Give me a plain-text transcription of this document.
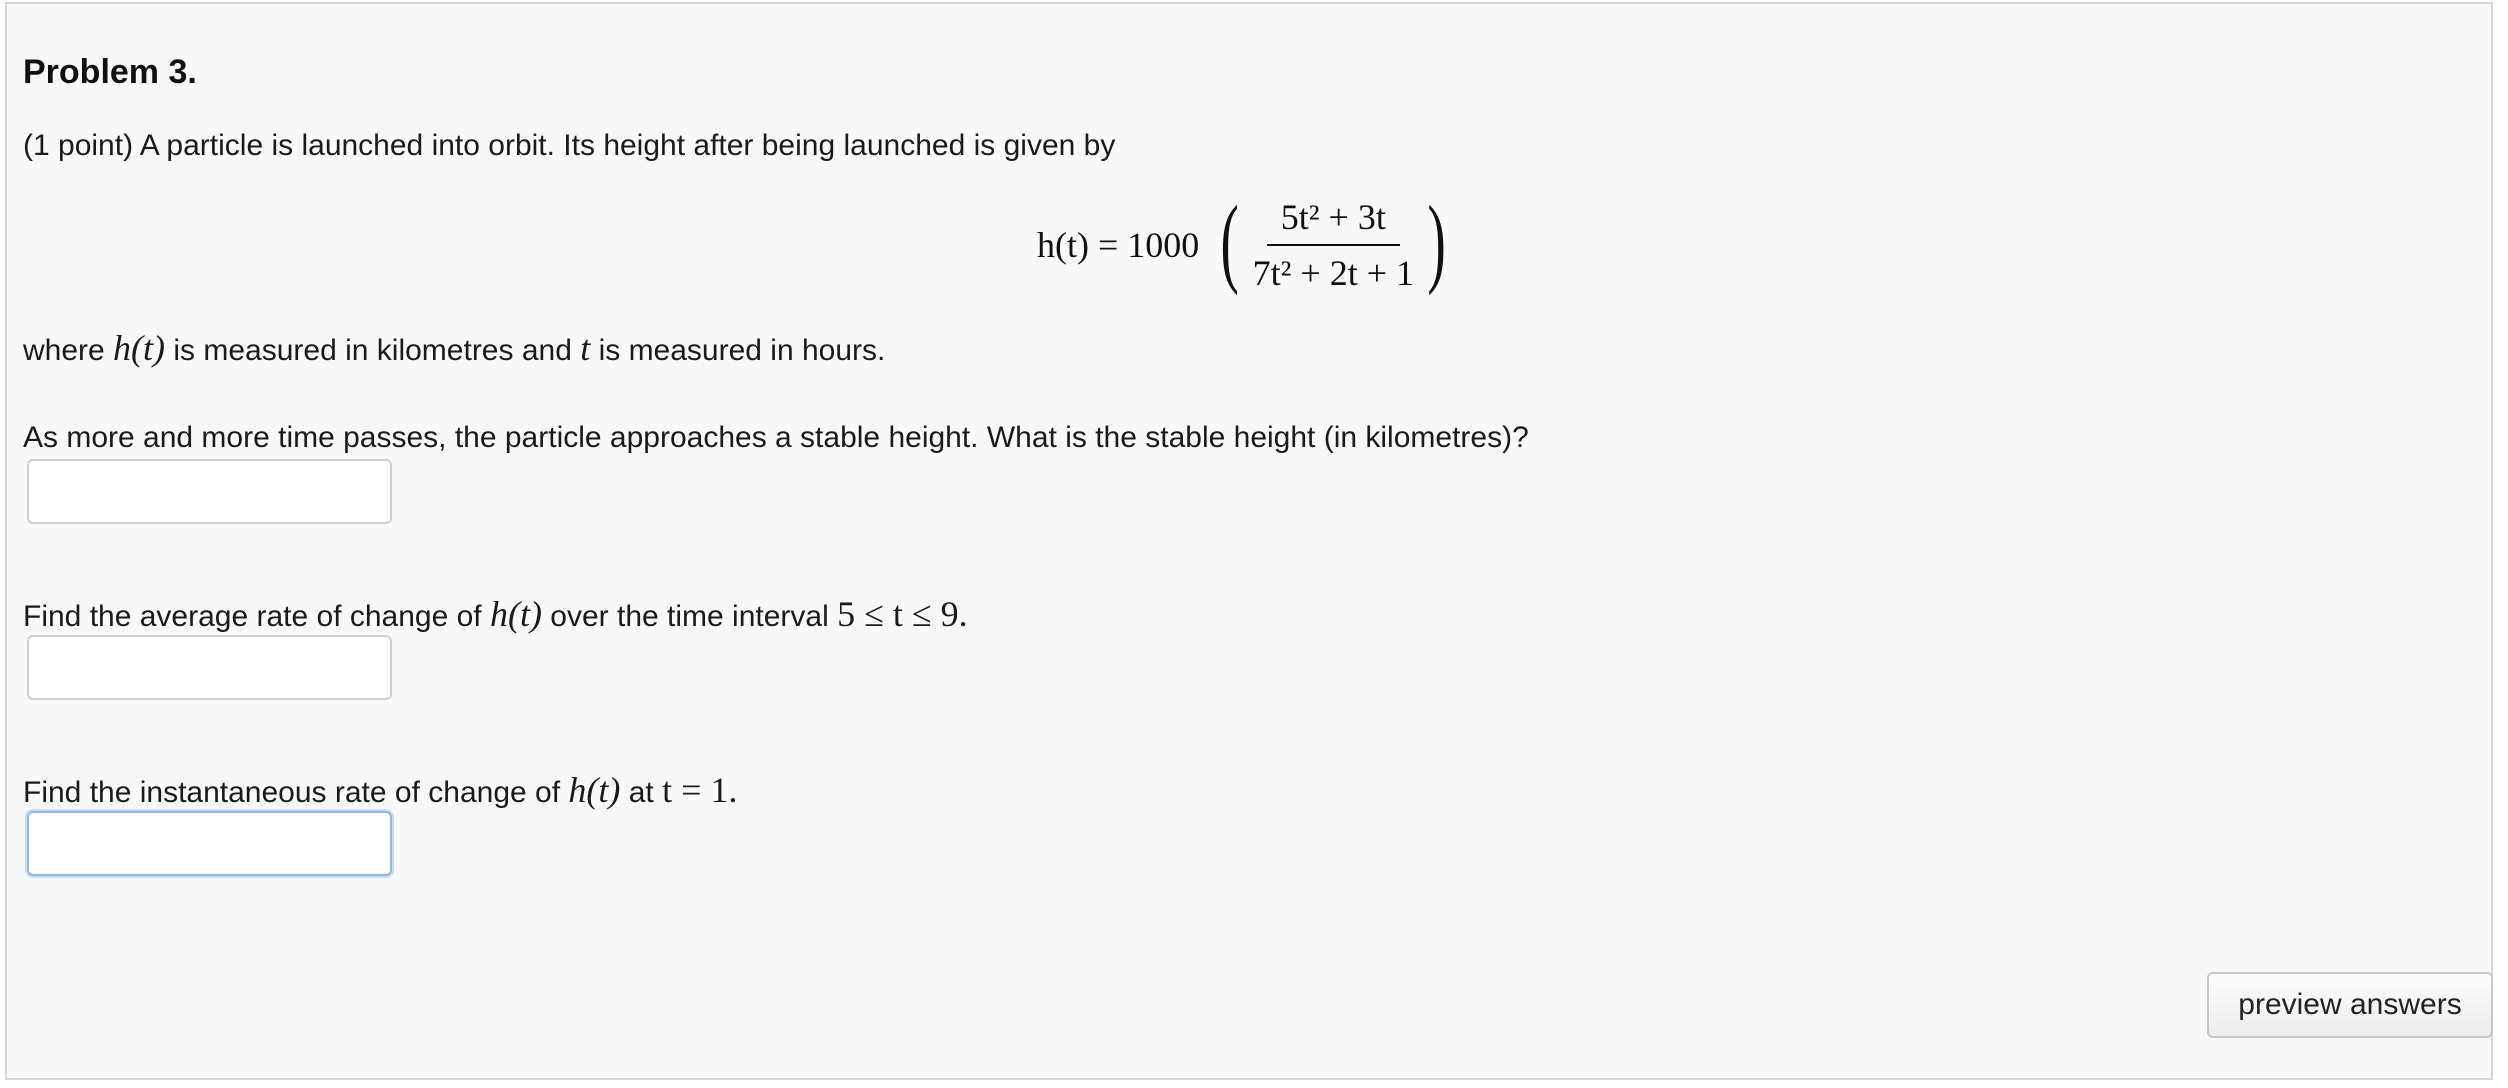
Problem 3.

(1 point) A particle is launched into orbit. Its height after being launched is given by

h(t) = 1000 ( $\frac{\text{5t² + 3t}}{\text{7t² + 2t + 1}}$ )

where h(t) is measured in kilometres and t is measured in hours.

As more and more time passes, the particle approaches a stable height. What is the stable height (in kilometres)?

Find the average rate of change of h(t) over the time interval 5 ≤ t ≤ 9.

Find the instantaneous rate of change of h(t) at t = 1.

preview answers
